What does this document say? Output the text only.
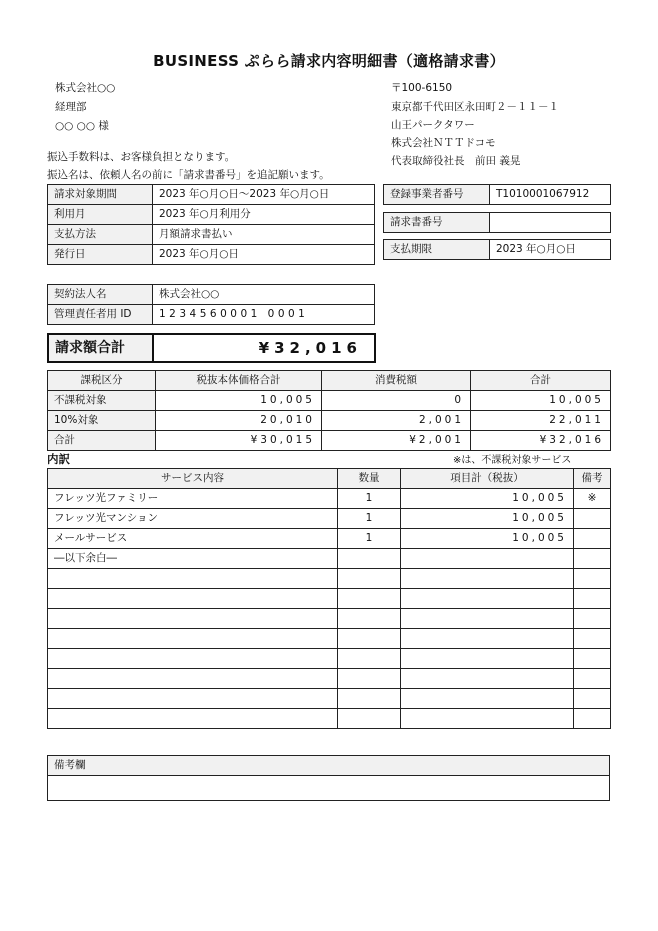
BUSINESS ぷらら請求内容明細書（適格請求書）
株式会社○○
経理部
○○ ○○ 様
〒100-6150
東京都千代田区永田町２－１１－１
山王パークタワー
株式会社ＮＴＴドコモ
代表取締役社長　前田 義晃
振込手数料は、お客様負担となります。
振込名は、依頼人名の前に「請求書番号」を追記願います。
請求対象期間	2023 年○月○日～2023 年○月○日
利用月	2023 年○月利用分
支払方法	月額請求書払い
発行日	2023 年○月○日
登録事業者番号	T1010001067912
請求書番号	
支払期限	2023 年○月○日
契約法人名	株式会社○○
管理責任者用 ID	1234560001 0001
請求額合計	¥32,016
課税区分	税抜本体価格合計	消費税額	合計
不課税対象	10,005	0	10,005
10%対象	20,010	2,001	22,011
合計	¥30,015	¥2,001	¥32,016
内訳	※は、不課税対象サービス
サービス内容	数量	項目計（税抜）	備考
フレッツ光ファミリー	1	10,005	※
フレッツ光マンション	1	10,005	
メールサービス	1	10,005	
―以下余白―			

備考欄
